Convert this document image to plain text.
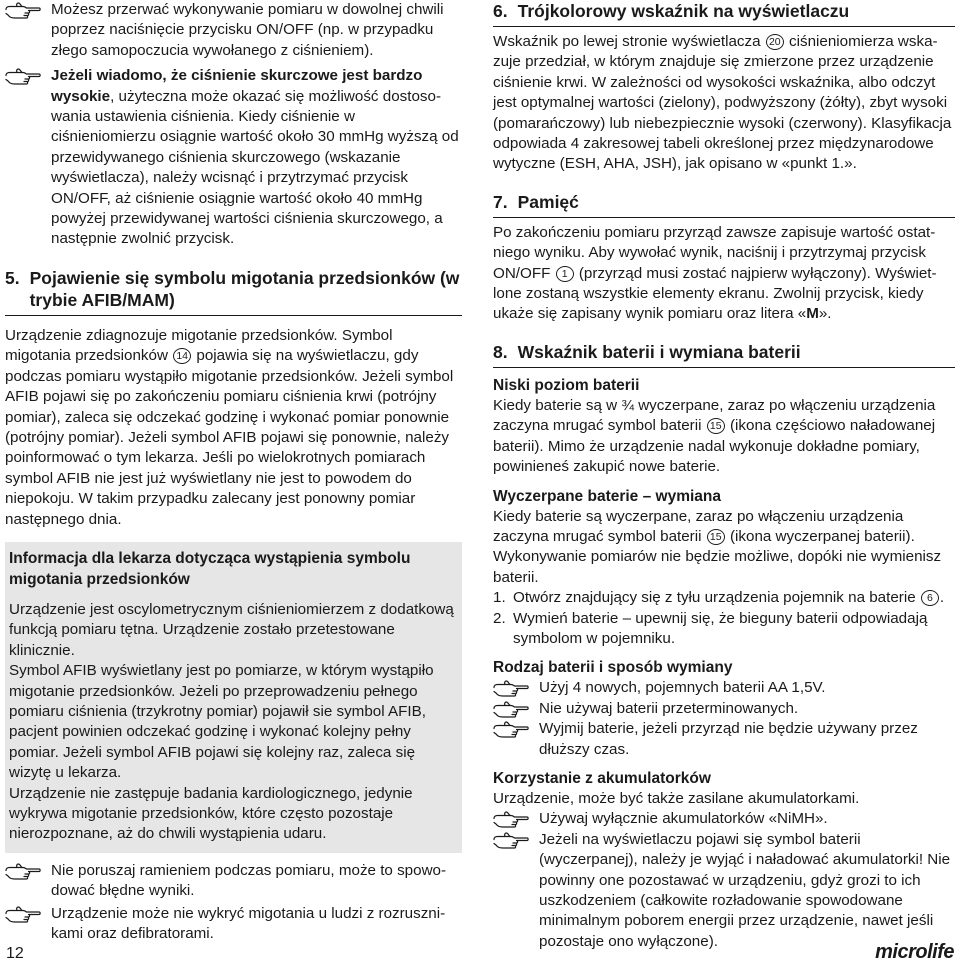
Możesz przerwać wykonywanie pomiaru w dowolnej chwili poprzez naciśnięcie przycisku ON/OFF (np. w przypadku złego samopoczucia wywołanego z ciśnieniem).

Jeżeli wiadomo, że ciśnienie skurczowe jest bardzo wysokie, użyteczna może okazać się możliwość dostosowania ustawienia ciśnienia. Kiedy ciśnienie w ciśnieniomierzu osiągnie wartość około 30 mmHg wyższą od przewidywanego ciśnienia skurczowego (wskazanie wyświetlacza), należy wcisnąć i przytrzymać przycisk ON/OFF, aż ciśnienie osiągnie wartość około 40 mmHg powyżej przewidywanej wartości ciśnienia skurczowego, a następnie zwolnić przycisk.

5. Pojawienie się symbolu migotania przedsionków (w trybie AFIB/MAM)

Urządzenie zdiagnozuje migotanie przedsionków. Symbol migotania przedsionków 14 pojawia się na wyświetlaczu, gdy podczas pomiaru wystąpiło migotanie przedsionków. Jeżeli symbol AFIB pojawi się po zakończeniu pomiaru ciśnienia krwi (potrójny pomiar), zaleca się odczekać godzinę i wykonać pomiar ponownie (potrójny pomiar). Jeżeli symbol AFIB pojawi się ponownie, należy poinformować o tym lekarza. Jeśli po wielokrotnych pomiarach symbol AFIB nie jest już wyświetlany nie jest to powodem do niepokoju. W takim przypadku zalecany jest ponowny pomiar następnego dnia.

Informacja dla lekarza dotycząca wystąpienia symbolu migotania przedsionków

Urządzenie jest oscylometrycznym ciśnieniomierzem z dodatkową funkcją pomiaru tętna. Urządzenie zostało przetestowane klinicznie.

Symbol AFIB wyświetlany jest po pomiarze, w którym wystąpiło migotanie przedsionków. Jeżeli po przeprowadzeniu pełnego pomiaru ciśnienia (trzykrotny pomiar) pojawił sie symbol AFIB, pacjent powinien odczekać godzinę i wykonać kolejny pełny pomiar. Jeżeli symbol AFIB pojawi się kolejny raz, zaleca się wizytę u lekarza.

Urządzenie nie zastępuje badania kardiologicznego, jedynie wykrywa migotanie przedsionków, które często pozostaje nierozpoznane, aż do chwili wystąpienia udaru.

Nie poruszaj ramieniem podczas pomiaru, może to spowodować błędne wyniki.

Urządzenie może nie wykryć migotania u ludzi z rozrusznikami oraz defibratorami.

6. Trójkolorowy wskaźnik na wyświetlaczu

Wskaźnik po lewej stronie wyświetlacza 20 ciśnieniomierza wskazuje przedział, w którym znajduje się zmierzone przez urządzenie ciśnienie krwi. W zależności od wysokości wskaźnika, albo odczyt jest optymalnej wartości (zielony), podwyższony (żółty), zbyt wysoki (pomarańczowy) lub niebezpiecznie wysoki (czerwony). Klasyfikacja odpowiada 4 zakresowej tabeli określonej przez międzynarodowe wytyczne (ESH, AHA, JSH), jak opisano w «punkt 1.».

7. Pamięć

Po zakończeniu pomiaru przyrząd zawsze zapisuje wartość ostatniego wyniku. Aby wywołać wynik, naciśnij i przytrzymaj przycisk ON/OFF 1 (przyrząd musi zostać najpierw wyłączony). Wyświetlone zostaną wszystkie elementy ekranu. Zwolnij przycisk, kiedy ukaże się zapisany wynik pomiaru oraz litera «M».

8. Wskaźnik baterii i wymiana baterii
Niski poziom baterii

Kiedy baterie są w ¾ wyczerpane, zaraz po włączeniu urządzenia zaczyna mrugać symbol baterii 15 (ikona częściowo naładowanej baterii). Mimo że urządzenie nadal wykonuje dokładne pomiary, powinieneś zakupić nowe baterie.

Wyczerpane baterie – wymiana

Kiedy baterie są wyczerpane, zaraz po włączeniu urządzenia zaczyna mrugać symbol baterii 15 (ikona wyczerpanej baterii). Wykonywanie pomiarów nie będzie możliwe, dopóki nie wymienisz baterii.

1. Otwórz znajdujący się z tyłu urządzenia pojemnik na baterie 6 .
2. Wymień baterie – upewnij się, że bieguny baterii odpowiadają symbolom w pojemniku.
Rodzaj baterii i sposób wymiany

Użyj 4 nowych, pojemnych baterii AA 1,5V.

Nie używaj baterii przeterminowanych.

Wyjmij baterie, jeżeli przyrząd nie będzie używany przez dłuższy czas.

Korzystanie z akumulatorków

Urządzenie, może być także zasilane akumulatorkami.

Używaj wyłącznie akumulatorków «NiMH».

Jeżeli na wyświetlaczu pojawi się symbol baterii (wyczerpanej), należy je wyjąć i naładować akumulatorki! Nie powinny one pozostawać w urządzeniu, gdyż grozi to ich uszkodzeniem (całkowite rozładowanie spowodowane minimalnym poborem energii przez urządzenie, nawet jeśli pozostaje ono wyłączone).

12	microlife
